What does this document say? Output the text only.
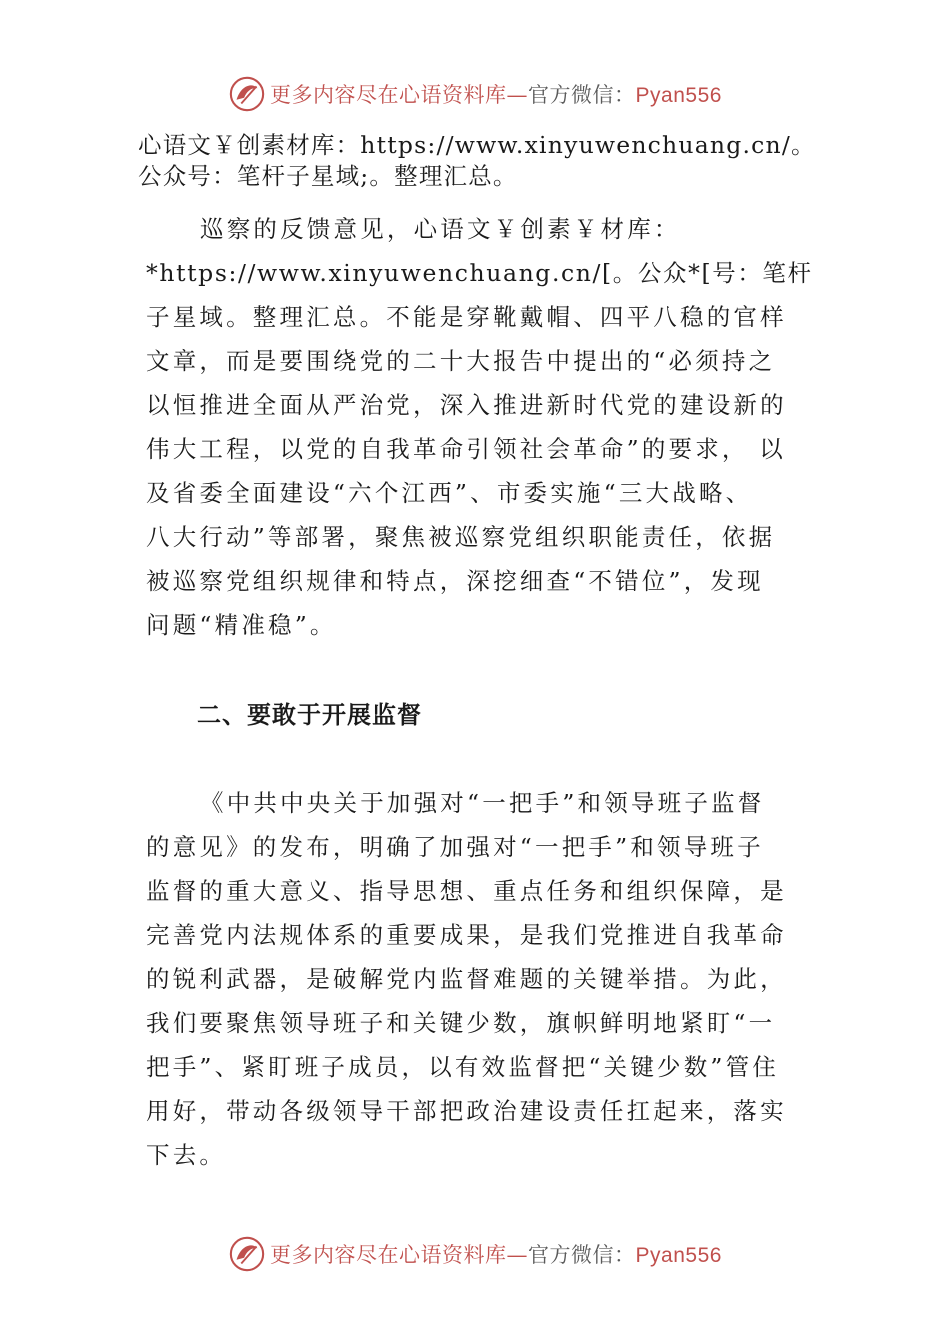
更多内容尽在心语资料库—官方微信：Pyan556
心语文￥创素材库：https://www.xinyuwenchuang.cn/。
公众号：笔杆子星域;。整理汇总。
巡察的反馈意见，心语文￥创素￥材库：
*https://www.xinyuwenchuang.cn/[。公众*[号：笔杆
子星域。整理汇总。不能是穿靴戴帽、四平八稳的官样
文章，而是要围绕党的二十大报告中提出的“必须持之
以恒推进全面从严治党，深入推进新时代党的建设新的
伟大工程，以党的自我革命引领社会革命”的要求， 以
及省委全面建设“六个江西”、市委实施“三大战略、
八大行动”等部署，聚焦被巡察党组织职能责任，依据
被巡察党组织规律和特点，深挖细查“不错位”，发现
问题“精准稳”。
二、要敢于开展监督
《中共中央关于加强对“一把手”和领导班子监督
的意见》的发布，明确了加强对“一把手”和领导班子
监督的重大意义、指导思想、重点任务和组织保障，是
完善党内法规体系的重要成果，是我们党推进自我革命
的锐利武器，是破解党内监督难题的关键举措。为此，
我们要聚焦领导班子和关键少数，旗帜鲜明地紧盯“一
把手”、紧盯班子成员，以有效监督把“关键少数”管住
用好，带动各级领导干部把政治建设责任扛起来，落实
下去。
更多内容尽在心语资料库—官方微信：Pyan556
